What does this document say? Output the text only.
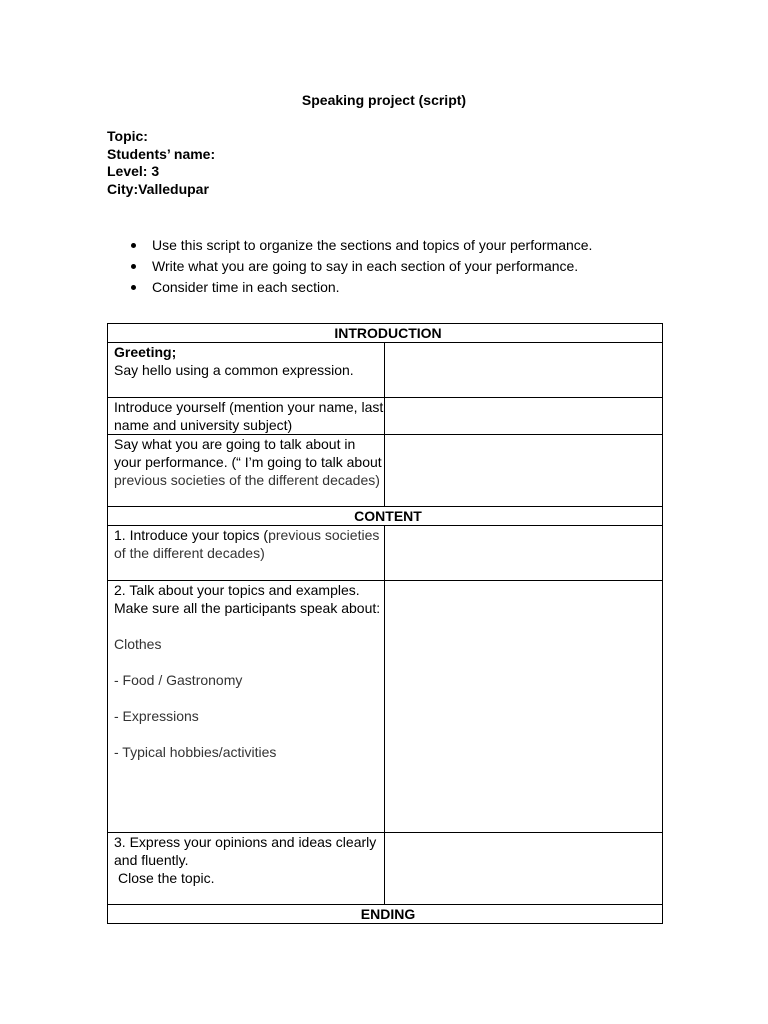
Speaking project (script)
Topic:
Students’ name:
Level: 3
City:Valledupar
Use this script to organize the sections and topics of your performance.
Write what you are going to say in each section of your performance.
Consider time in each section.
INTRODUCTION	

Greeting;
Say hello using a common expression.	

Introduce yourself (mention your name, last name and university subject)	

Say what you are going to talk about in your performance. (“ I’m going to talk about previous societies of the different decades)	
CONTENT	
1. Introduce your topics (previous societies of the different decades)	

2. Talk about your topics and examples. Make sure all the participants speak about:
Clothes
- Food / Gastronomy
- Expressions
- Typical hobbies/activities	

3. Express your opinions and ideas clearly and fluently.
Close the topic.	

ENDING	
